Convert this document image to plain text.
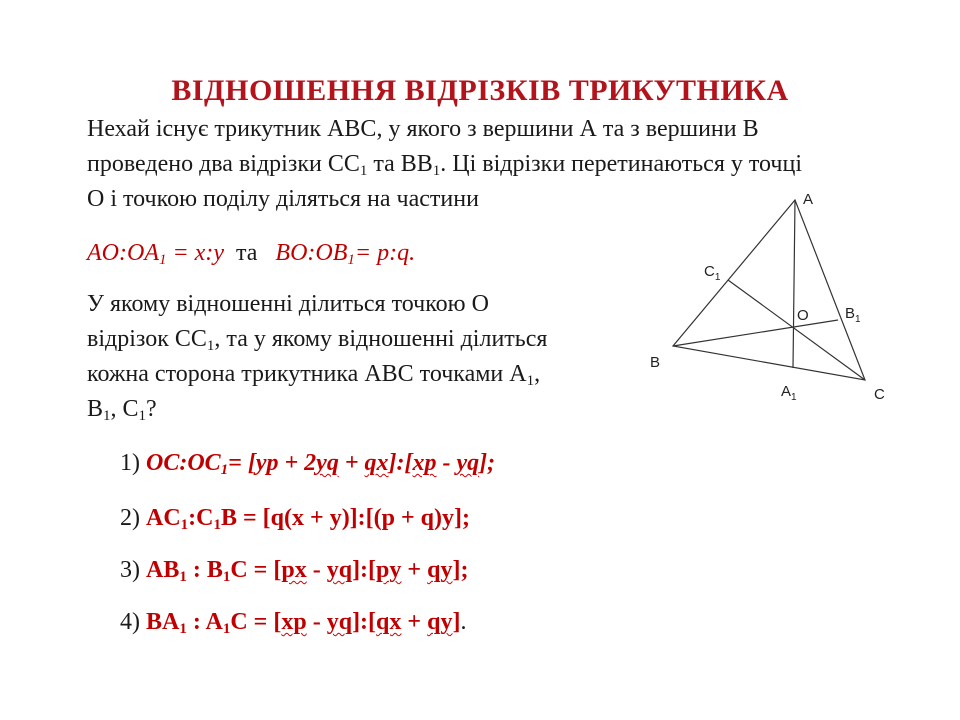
ВІДНОШЕННЯ ВІДРІЗКІВ ТРИКУТНИКА

Нехай існує трикутник АВС, у якого з вершини А та з вершини В

проведено два відрізки $СС_1$ та $ВВ_1$. Ці відрізки перетинаються у точці

О і точкою поділу діляться на частини

$AO:OA_1$ = x:y та $BO:OB_1=$ p:q.

У якому відношенні ділиться точкою О

відрізок $СС_1$, та у якому відношенні ділиться

кожна сторона трикутника АВС точками $А_1$,

$В_1$, $С_1$?

1) $OC:OC_1= [yp + 2yq$ + qx]:[xp - yq];
2) $AC_1:C_1B = [q(x$ + y)]:[(p + q)y];
3) $AB_1$ : $B_1C = [px$ - yq]:[py + qy];
4) $BA_1$ : $A_1C = [xp$ - yq]:[qx + qy].
A
B
C
O
$C_1$
$B_1$
$A_1$
